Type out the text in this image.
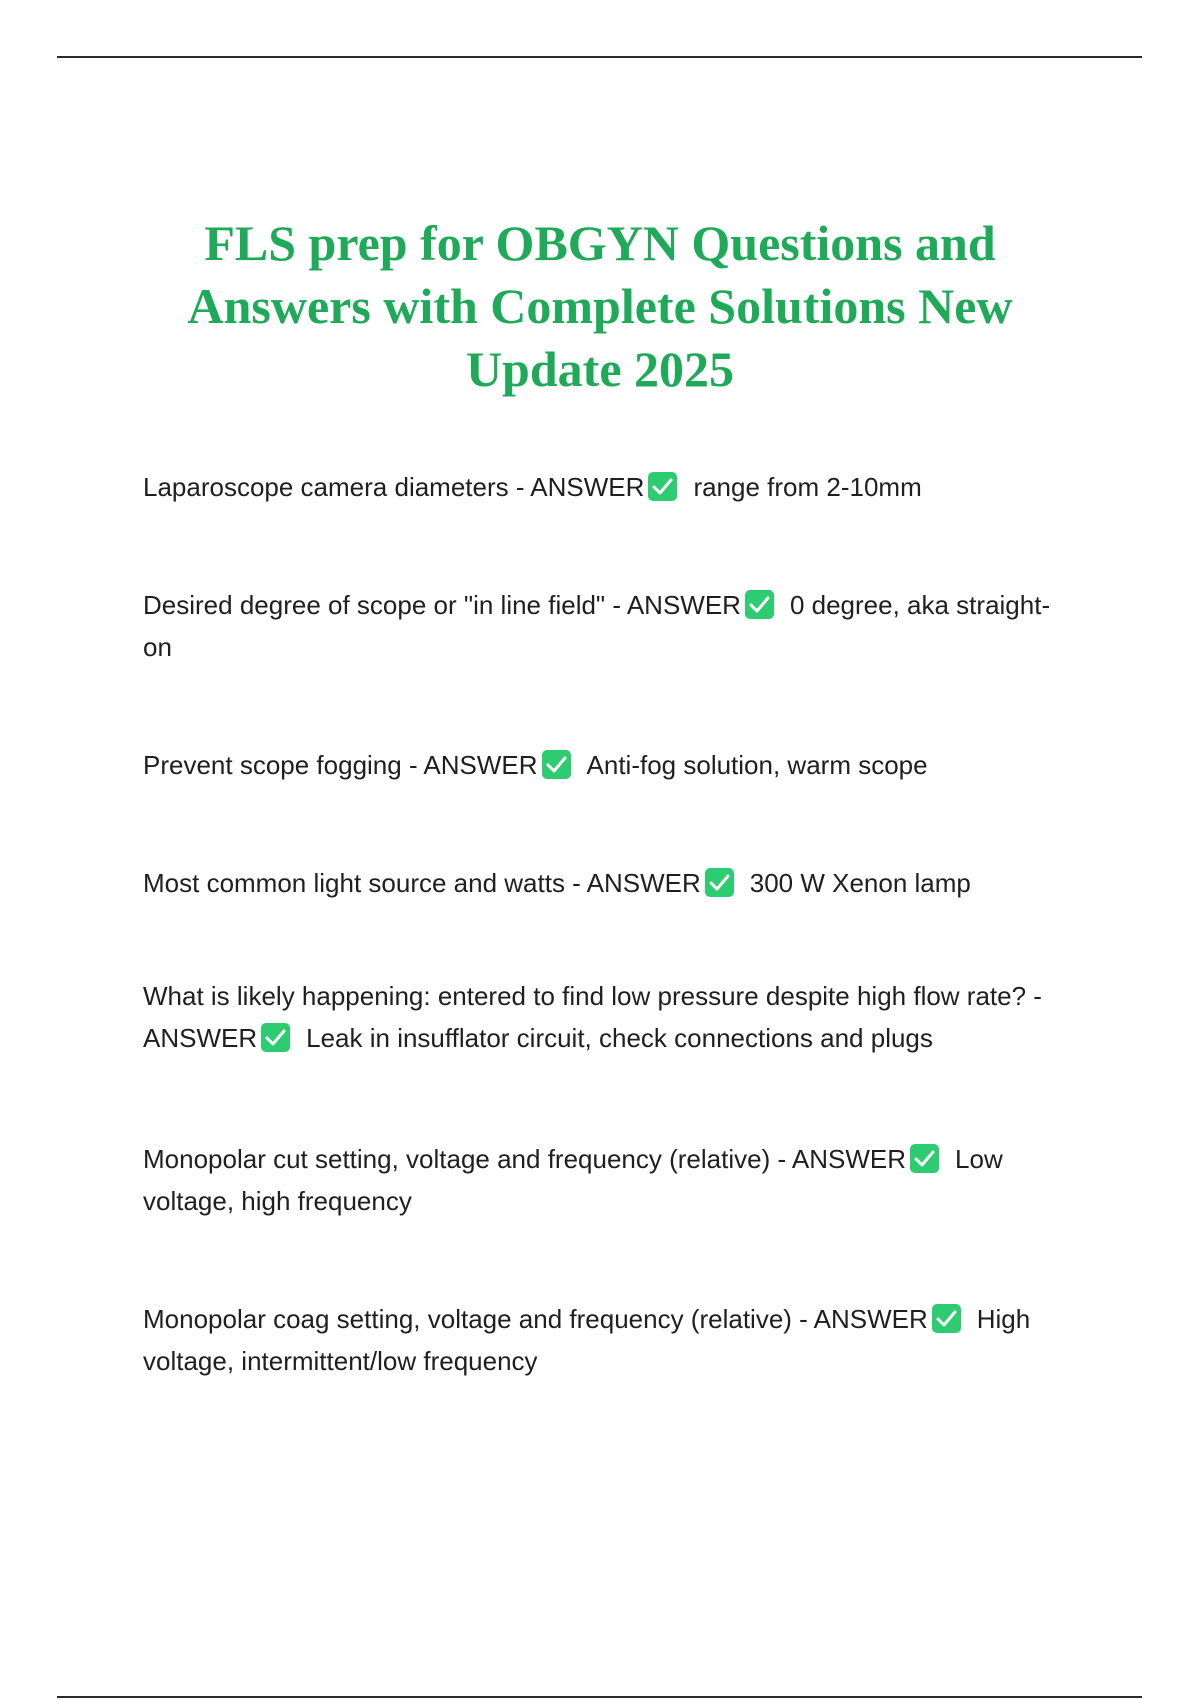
FLS prep for OBGYN Questions and Answers with Complete Solutions New Update 2025

Laparoscope camera diameters - ANSWER range from 2-10mm

Desired degree of scope or "in line field" - ANSWER 0 degree, aka straight-on

Prevent scope fogging - ANSWER Anti-fog solution, warm scope

Most common light source and watts - ANSWER 300 W Xenon lamp

What is likely happening: entered to find low pressure despite high flow rate? - ANSWER Leak in insufflator circuit, check connections and plugs

Monopolar cut setting, voltage and frequency (relative) - ANSWER Low voltage, high frequency

Monopolar coag setting, voltage and frequency (relative) - ANSWER High voltage, intermittent/low frequency
